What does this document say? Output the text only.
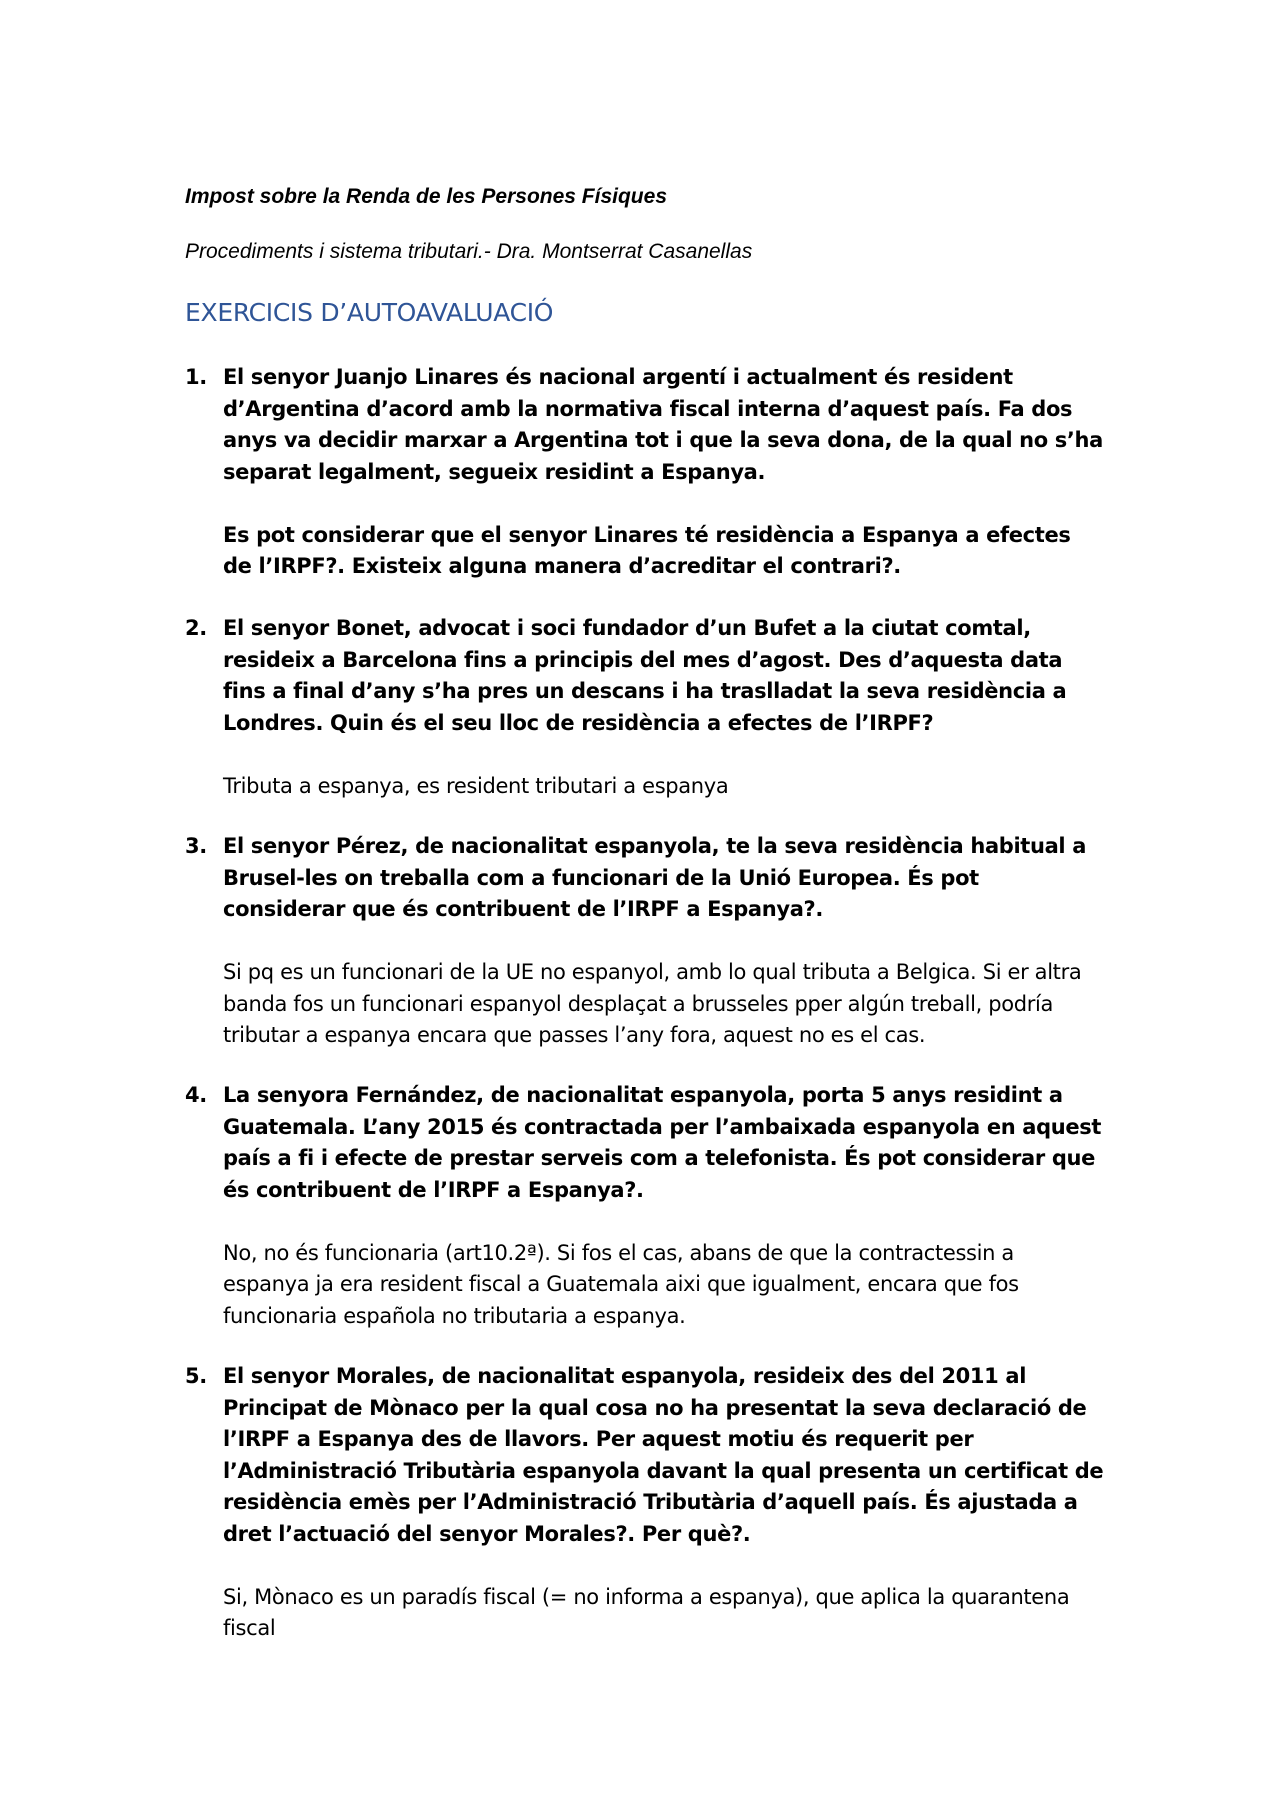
Impost sobre la Renda de les Persones Físiques
Procediments i sistema tributari.- Dra. Montserrat Casanellas
EXERCICIS D’AUTOAVALUACIÓ
1. El senyor Juanjo Linares és nacional argentí i actualment és resident d’Argentina d’acord amb la normativa fiscal interna d’aquest país. Fa dos anys va decidir marxar a Argentina tot i que la seva dona, de la qual no s’ha separat legalment, segueix residint a Espanya.

Es pot considerar que el senyor Linares té residència a Espanya a efectes de l’IRPF?. Existeix alguna manera d’acreditar el contrari?.

2. El senyor Bonet, advocat i soci fundador d’un Bufet a la ciutat comtal, resideix a Barcelona fins a principis del mes d’agost. Des d’aquesta data fins a final d’any s’ha pres un descans i ha traslladat la seva residència a Londres. Quin és el seu lloc de residència a efectes de l’IRPF?

Tributa a espanya, es resident tributari a espanya

3. El senyor Pérez, de nacionalitat espanyola, te la seva residència habitual a Brusel-les on treballa com a funcionari de la Unió Europea. És pot considerar que és contribuent de l’IRPF a Espanya?.

Si pq es un funcionari de la UE no espanyol, amb lo qual tributa a Belgica. Si er altra banda fos un funcionari espanyol desplaçat a brusseles pper algún treball, podría tributar a espanya encara que passes l’any fora, aquest no es el cas.

4. La senyora Fernández, de nacionalitat espanyola, porta 5 anys residint a Guatemala. L’any 2015 és contractada per l’ambaixada espanyola en aquest país a fi i efecte de prestar serveis com a telefonista. És pot considerar que és contribuent de l’IRPF a Espanya?.

No, no és funcionaria (art10.2ª). Si fos el cas, abans de que la contractessin a espanya ja era resident fiscal a Guatemala aixi que igualment, encara que fos funcionaria española no tributaria a espanya.

5. El senyor Morales, de nacionalitat espanyola, resideix des del 2011 al Principat de Mònaco per la qual cosa no ha presentat la seva declaració de l’IRPF a Espanya des de llavors. Per aquest motiu és requerit per l’Administració Tributària espanyola davant la qual presenta un certificat de residència emès per l’Administració Tributària d’aquell país. És ajustada a dret l’actuació del senyor Morales?. Per què?.

Si, Mònaco es un paradís fiscal (= no informa a espanya), que aplica la quarantena fiscal
